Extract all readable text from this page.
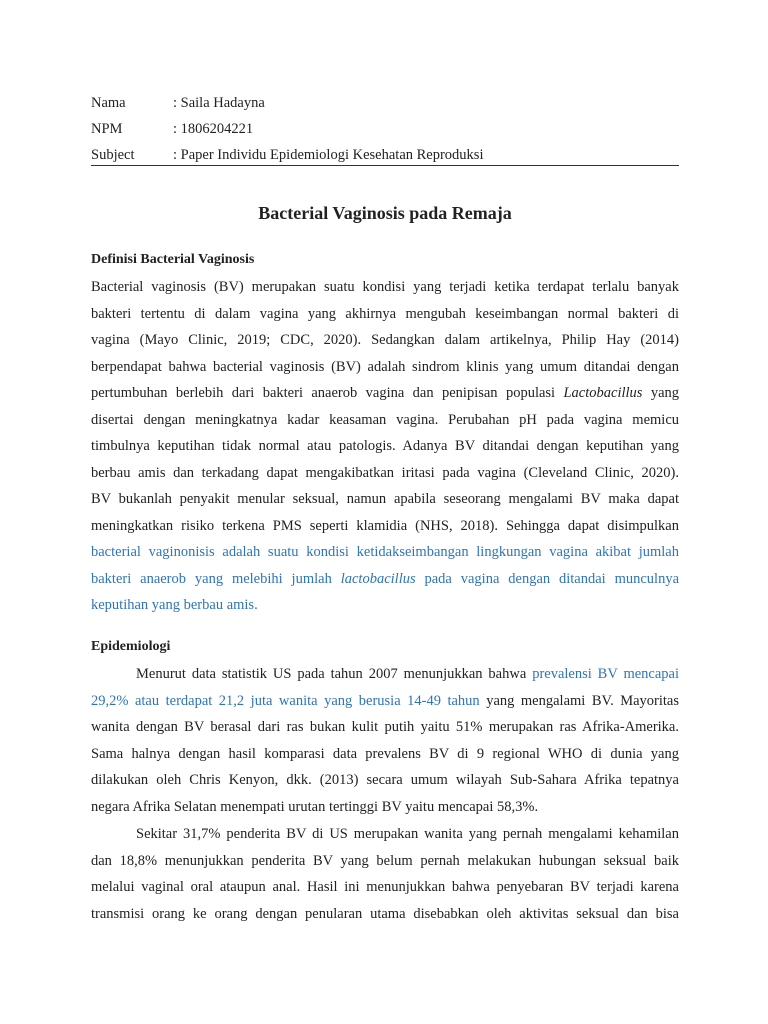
Nama	: Saila Hadayna
NPM	: 1806204221
Subject	: Paper Individu Epidemiologi Kesehatan Reproduksi
Bacterial Vaginosis pada Remaja
Definisi Bacterial Vaginosis
Bacterial vaginosis (BV) merupakan suatu kondisi yang terjadi ketika terdapat terlalu banyak
bakteri tertentu di dalam vagina yang akhirnya mengubah keseimbangan normal bakteri di
vagina (Mayo Clinic, 2019; CDC, 2020). Sedangkan dalam artikelnya, Philip Hay (2014)
berpendapat bahwa bacterial vaginosis (BV) adalah sindrom klinis yang umum ditandai dengan
pertumbuhan berlebih dari bakteri anaerob vagina dan penipisan populasi Lactobacillus yang
disertai dengan meningkatnya kadar keasaman vagina. Perubahan pH pada vagina memicu
timbulnya keputihan tidak normal atau patologis. Adanya BV ditandai dengan keputihan yang
berbau amis dan terkadang dapat mengakibatkan iritasi pada vagina (Cleveland Clinic, 2020).
BV bukanlah penyakit menular seksual, namun apabila seseorang mengalami BV maka dapat
meningkatkan risiko terkena PMS seperti klamidia (NHS, 2018). Sehingga dapat disimpulkan
bacterial vaginonisis adalah suatu kondisi ketidakseimbangan lingkungan vagina akibat jumlah
bakteri anaerob yang melebihi jumlah lactobacillus pada vagina dengan ditandai munculnya
keputihan yang berbau amis.
Epidemiologi
Menurut data statistik US pada tahun 2007 menunjukkan bahwa prevalensi BV mencapai
29,2% atau terdapat 21,2 juta wanita yang berusia 14-49 tahun yang mengalami BV. Mayoritas
wanita dengan BV berasal dari ras bukan kulit putih yaitu 51% merupakan ras Afrika-Amerika.
Sama halnya dengan hasil komparasi data prevalens BV di 9 regional WHO di dunia yang
dilakukan oleh Chris Kenyon, dkk. (2013) secara umum wilayah Sub-Sahara Afrika tepatnya
negara Afrika Selatan menempati urutan tertinggi BV yaitu mencapai 58,3%.
Sekitar 31,7% penderita BV di US merupakan wanita yang pernah mengalami kehamilan
dan 18,8% menunjukkan penderita BV yang belum pernah melakukan hubungan seksual baik
melalui vaginal oral ataupun anal. Hasil ini menunjukkan bahwa penyebaran BV terjadi karena
transmisi orang ke orang dengan penularan utama disebabkan oleh aktivitas seksual dan bisa
